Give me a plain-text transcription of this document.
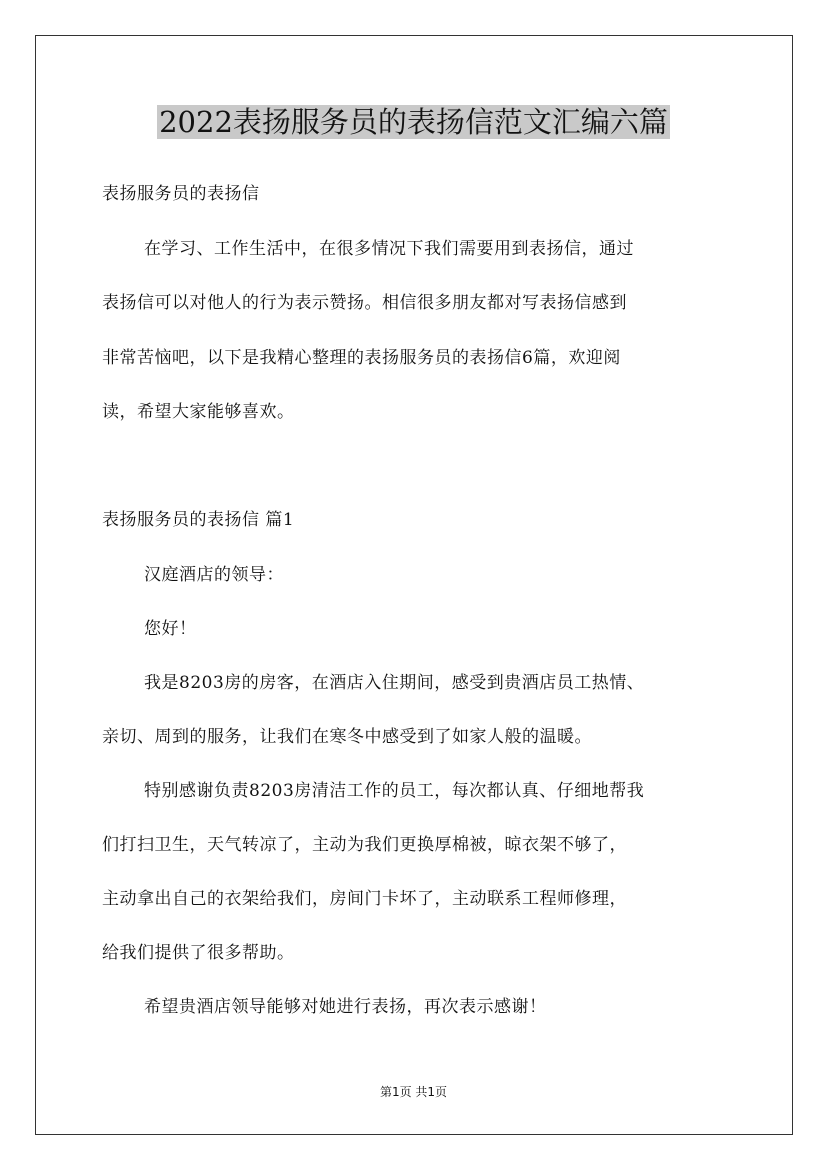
2022表扬服务员的表扬信范文汇编六篇
表扬服务员的表扬信
在学习、工作生活中，在很多情况下我们需要用到表扬信，通过
表扬信可以对他人的行为表示赞扬。相信很多朋友都对写表扬信感到
非常苦恼吧，以下是我精心整理的表扬服务员的表扬信6篇，欢迎阅
读，希望大家能够喜欢。
表扬服务员的表扬信 篇1
汉庭酒店的领导：
您好！
我是8203房的房客，在酒店入住期间，感受到贵酒店员工热情、
亲切、周到的服务，让我们在寒冬中感受到了如家人般的温暖。
特别感谢负责8203房清洁工作的员工，每次都认真、仔细地帮我
们打扫卫生，天气转凉了，主动为我们更换厚棉被，晾衣架不够了，
主动拿出自己的衣架给我们，房间门卡坏了，主动联系工程师修理，
给我们提供了很多帮助。
希望贵酒店领导能够对她进行表扬，再次表示感谢！
第1页 共1页
